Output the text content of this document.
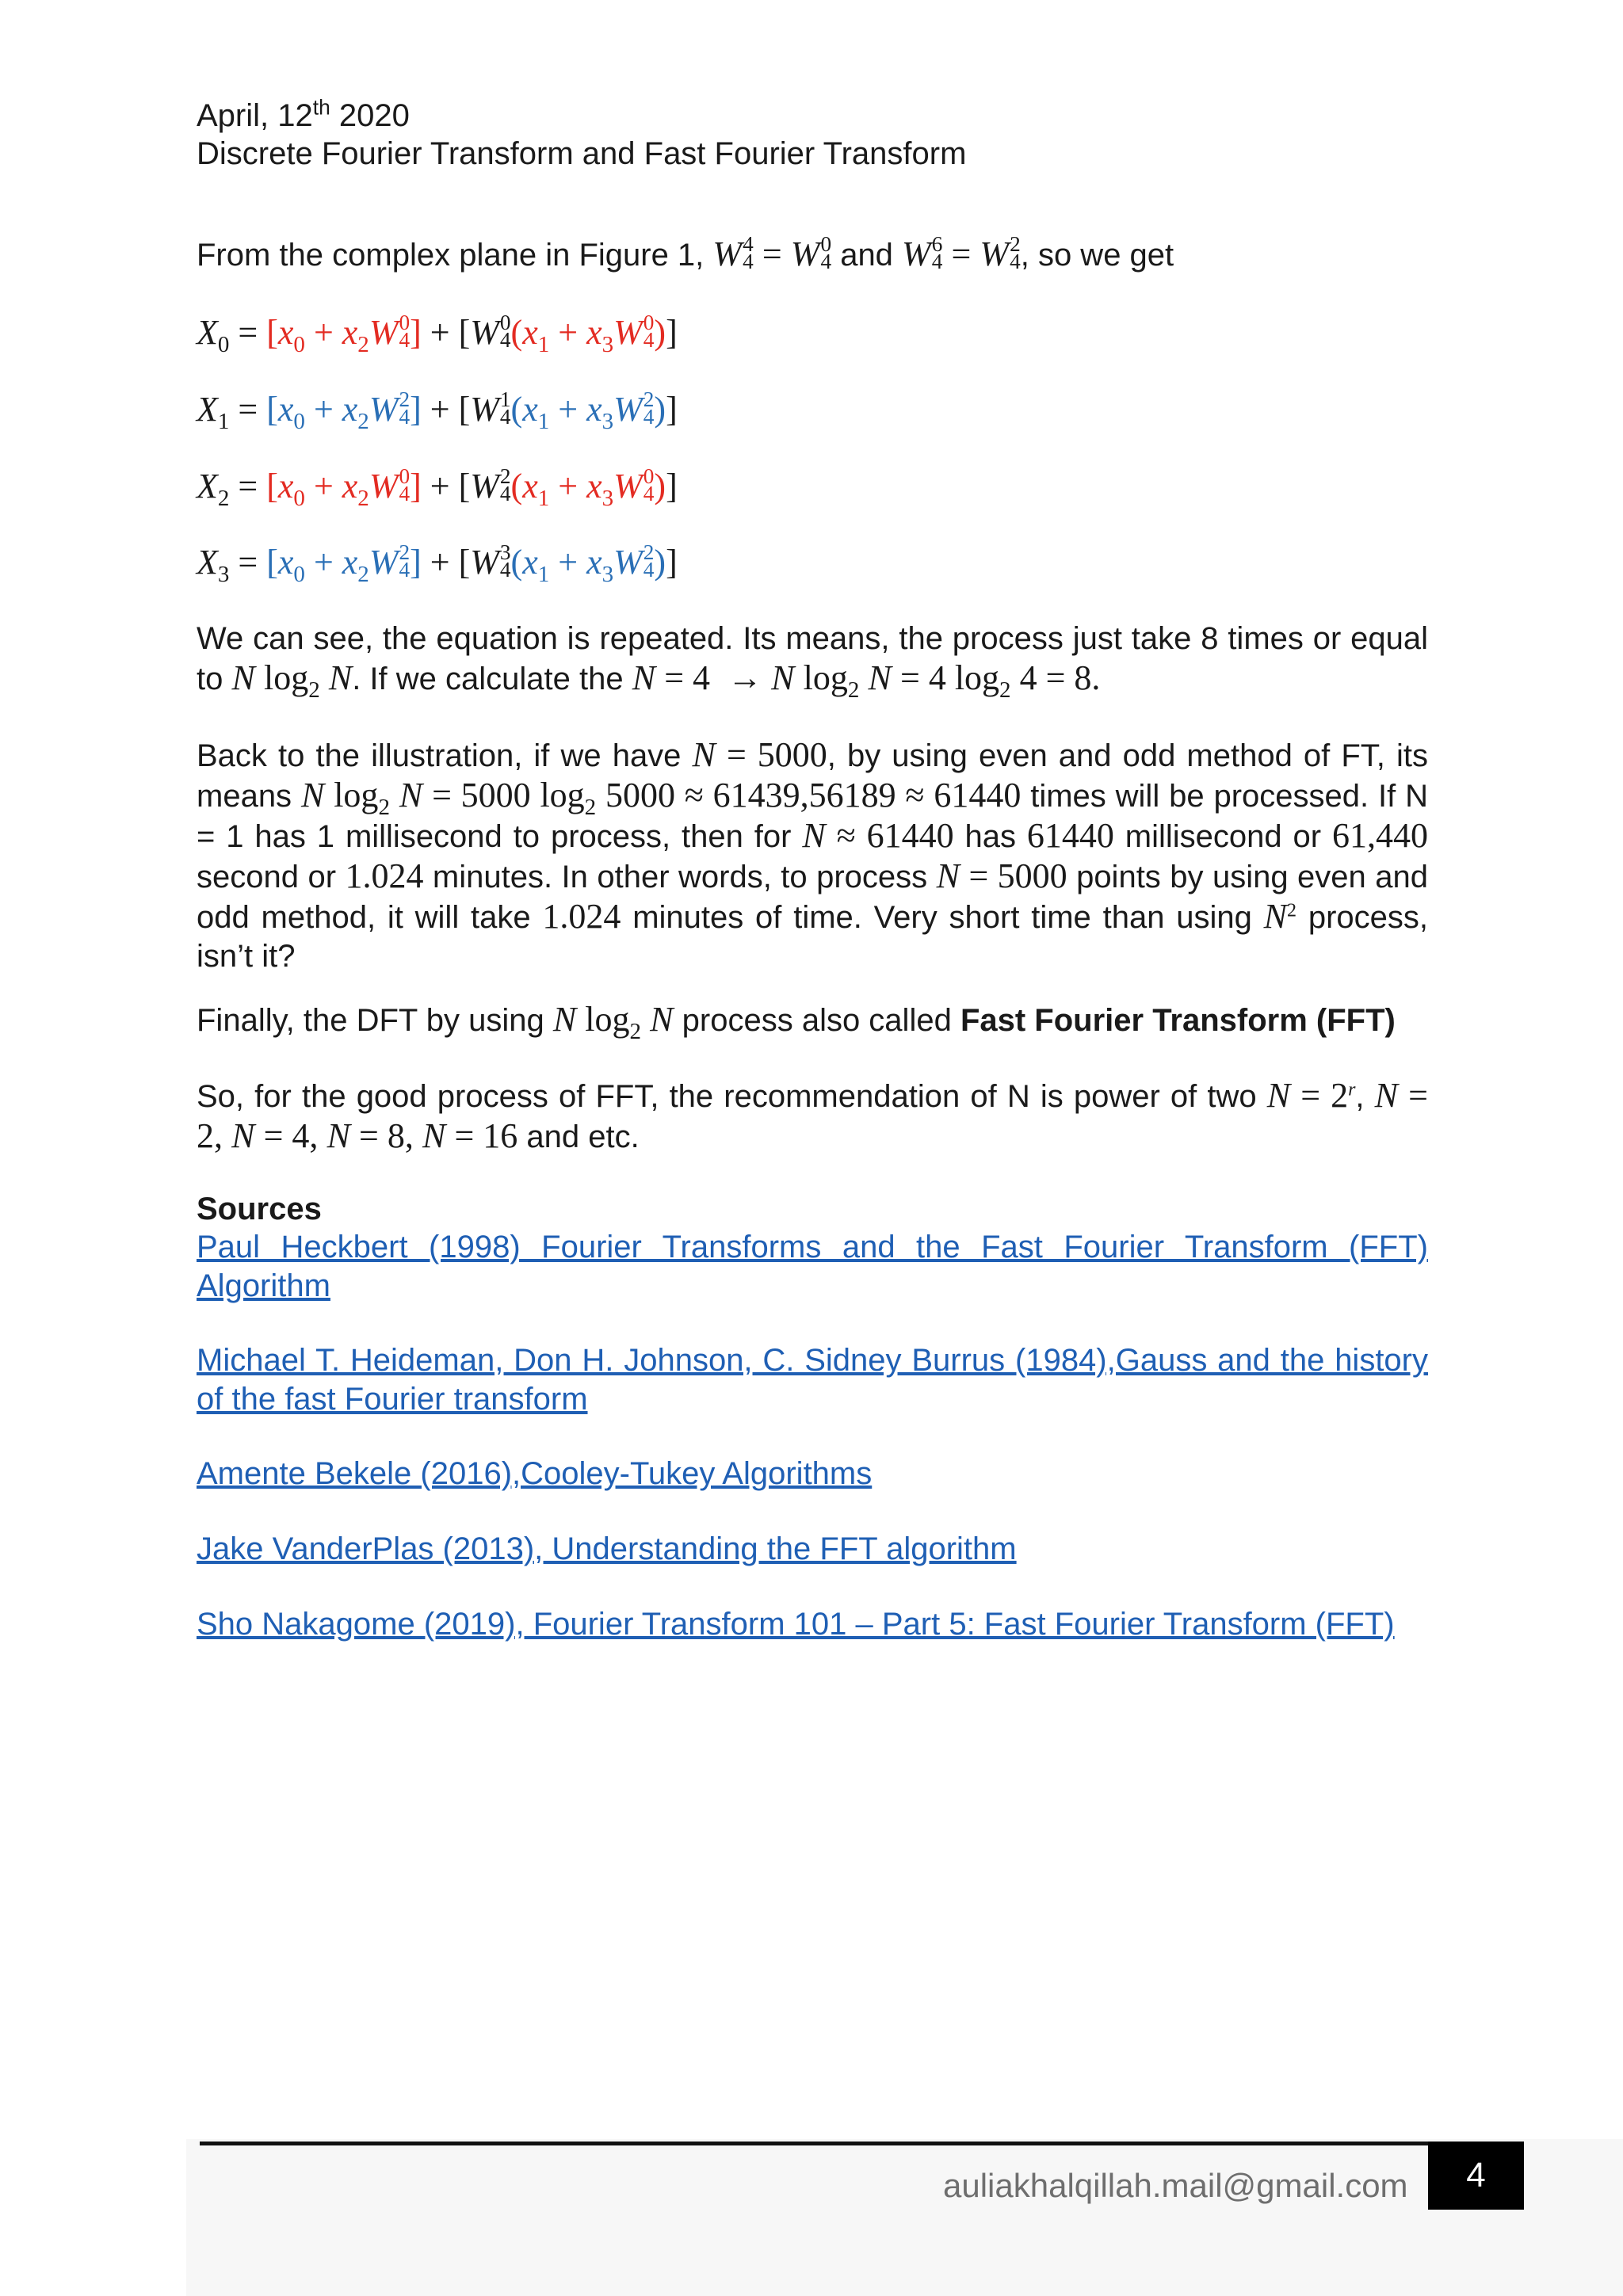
April, 12th 2020
Discrete Fourier Transform and Fast Fourier Transform
From the complex plane in Figure 1, W 4
4 = W 0
4 and W 6
4 = W 2
4 , so we get
$X_0 = [x_0 + x_2W$ 0
4 ] + [W 0
4 ($x_1 + x_3W$ 0
4 )]
$X_1 = [x_0 + x_2W$ 2
4 ] + [W 1
4 ($x_1 + x_3W$ 2
4 )]
$X_2 = [x_0 + x_2W$ 0
4 ] + [W 2
4 ($x_1 + x_3W$ 0
4 )]
$X_3 = [x_0 + x_2W$ 2
4 ] + [W 3
4 ($x_1 + x_3W$ 2
4 )]
We can see, the equation is repeated. Its means, the process just take 8 times or equal to N $\log_2 N$. If we calculate the N = 4  → N $\log_2 N = 4$ $\log_2 4 = 8$.
Back to the illustration, if we have N = 5000, by using even and odd method of FT, its means N $\log_2 N = 5000$ $\log_2 5000 \approx 61439,56189 \approx 61440$ times will be processed. If N = 1 has 1 millisecond to process, then for N ≈ 61440 has 61440 millisecond or 61,440 second or 1.024 minutes. In other words, to process N = 5000 points by using even and odd method, it will take 1.024 minutes of time. Very short time than using $N^2$ process, isn’t it?
Finally, the DFT by using N $\log_2 N$ process also called Fast Fourier Transform (FFT)
So, for the good process of FFT, the recommendation of N is power of two $N = 2^r$, N = 2, N = 4, N = 8, N = 16 and etc.
Sources
Paul Heckbert (1998) Fourier Transforms and the Fast Fourier Transform (FFT) Algorithm
Michael T. Heideman, Don H. Johnson, C. Sidney Burrus (1984),Gauss and the history of the fast Fourier transform
Amente Bekele (2016),Cooley-Tukey Algorithms
Jake VanderPlas (2013), Understanding the FFT algorithm
Sho Nakagome (2019), Fourier Transform 101 – Part 5: Fast Fourier Transform (FFT)
auliakhalqillah.mail@gmail.com	4
